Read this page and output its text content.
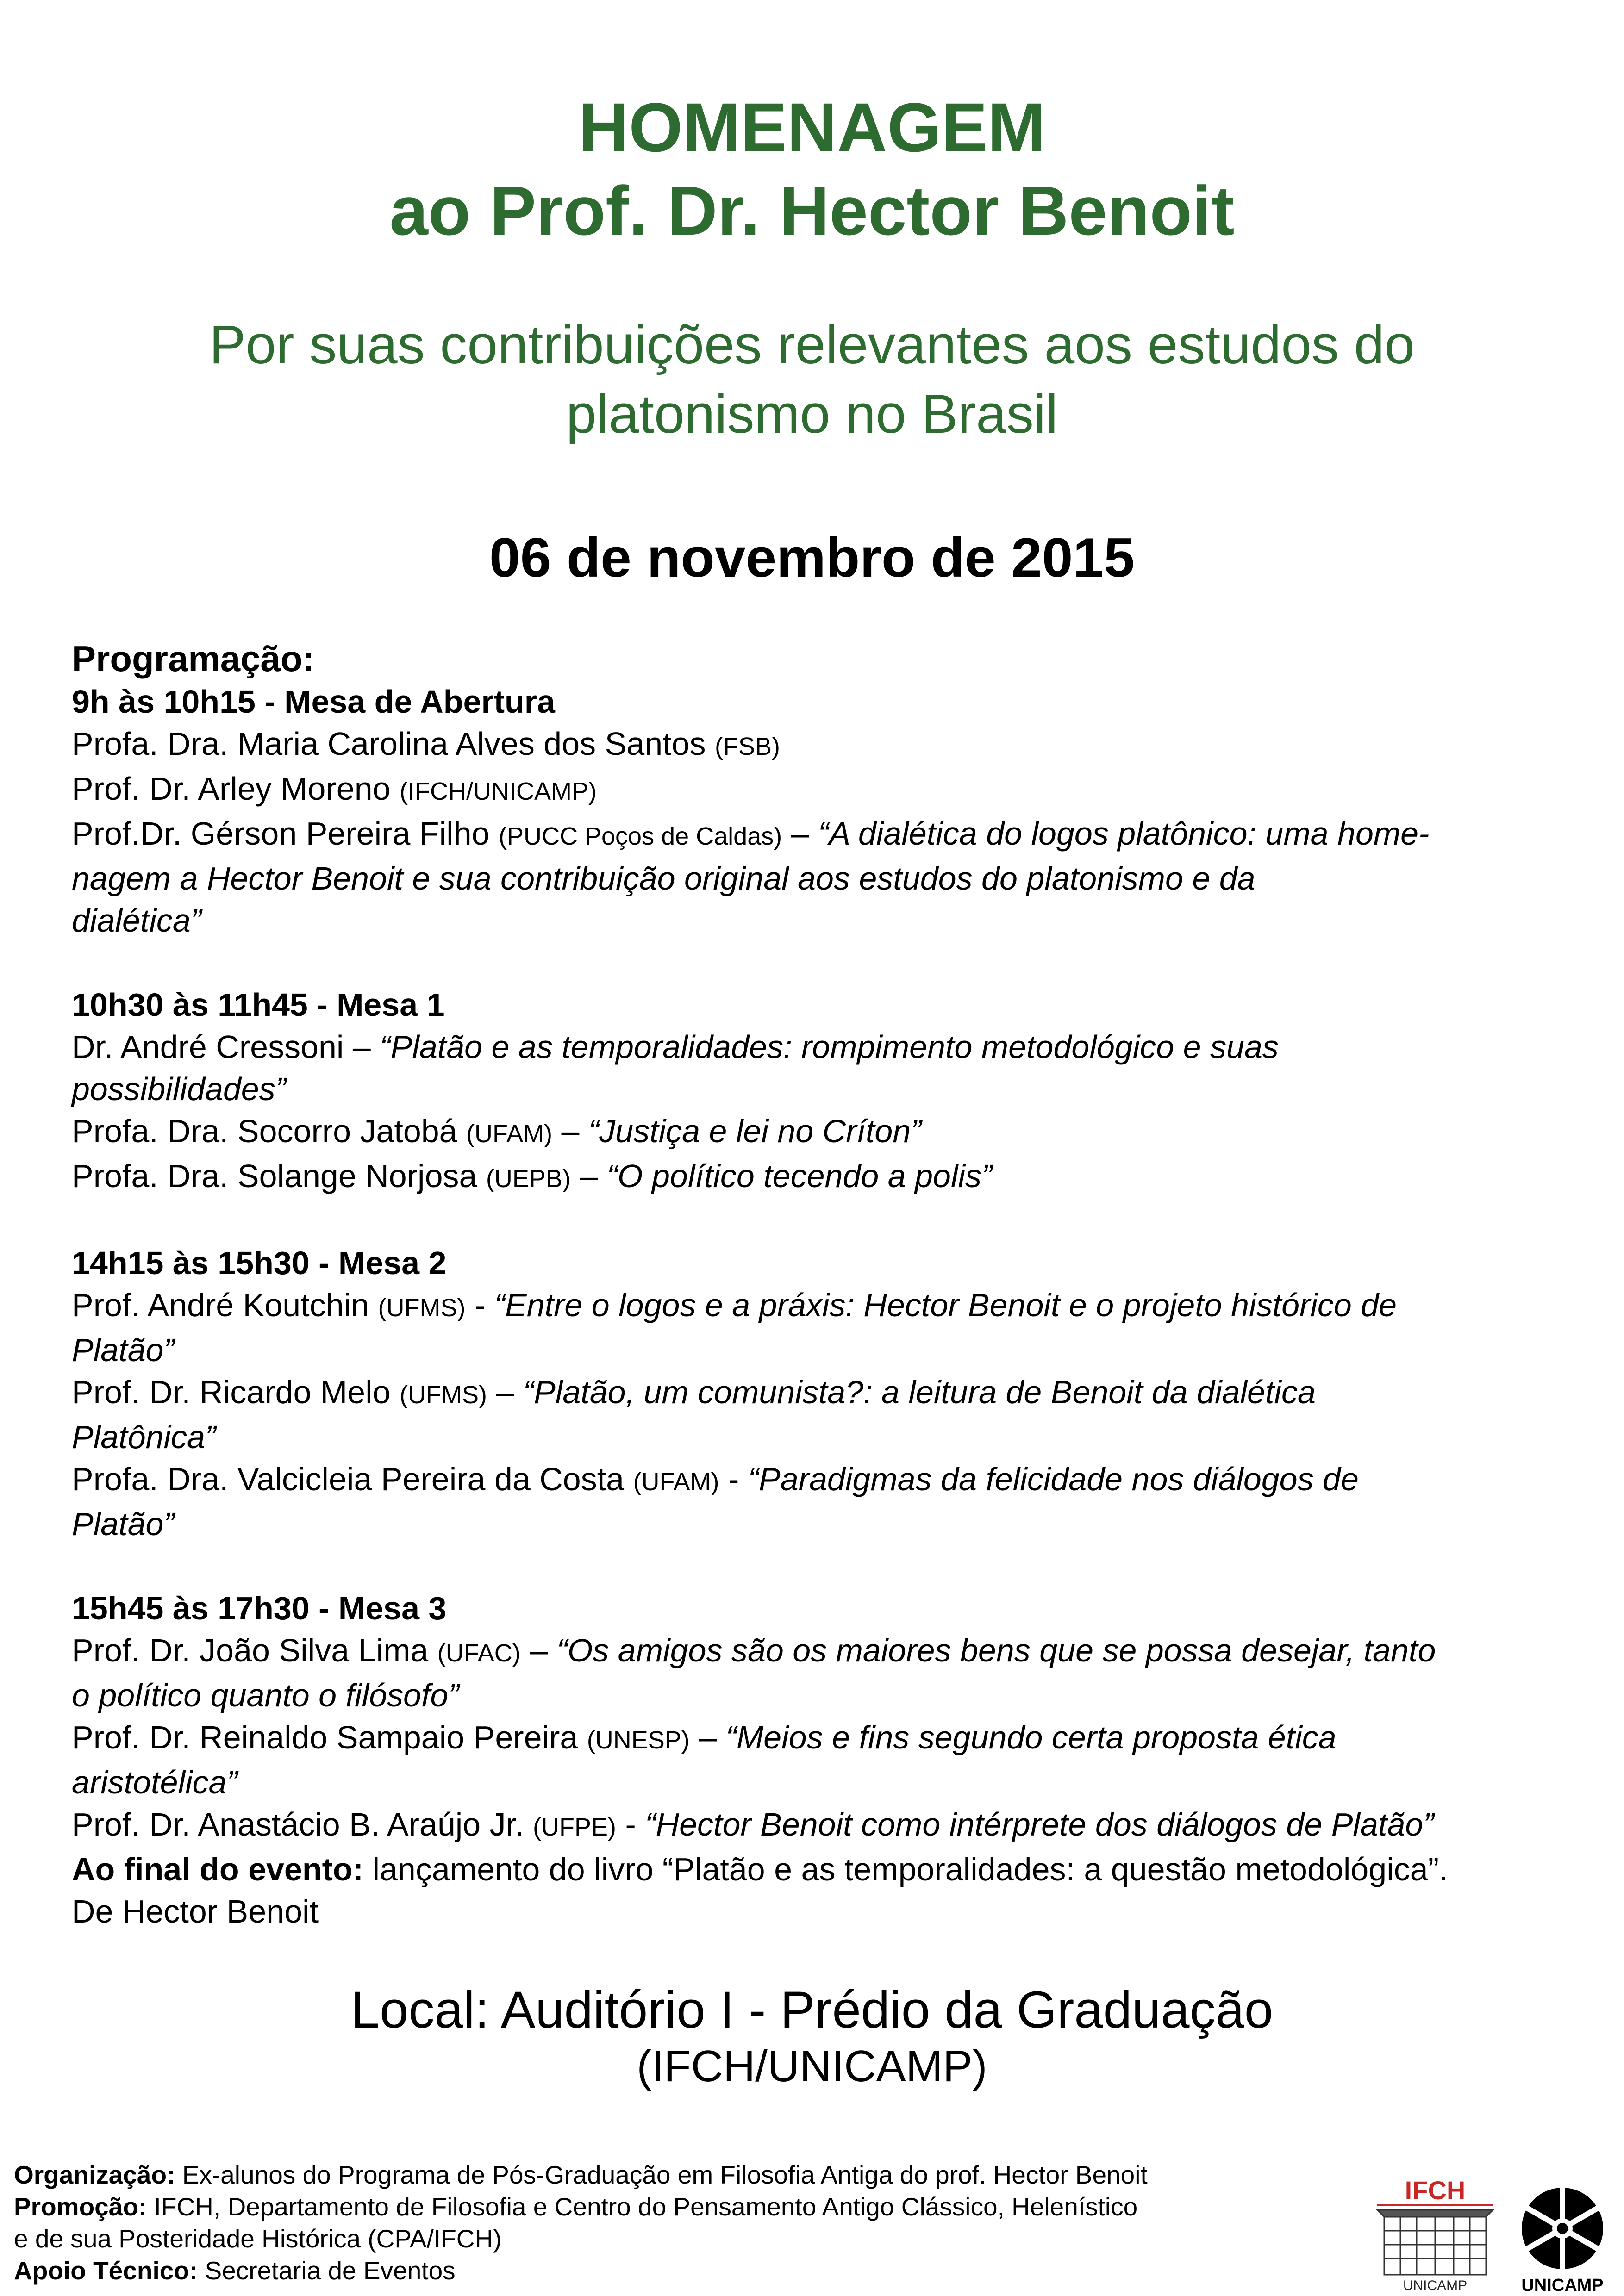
HOMENAGEM
ao Prof. Dr. Hector Benoit
Por suas contribuições relevantes aos estudos do
platonismo no Brasil
06 de novembro de 2015
Programação:
9h às 10h15 - Mesa de Abertura
Profa. Dra. Maria Carolina Alves dos Santos (FSB)
Prof. Dr. Arley Moreno (IFCH/UNICAMP)
Prof.Dr. Gérson Pereira Filho (PUCC Poços de Caldas) – “A dialética do logos platônico: uma home-
nagem a Hector Benoit e sua contribuição original aos estudos do platonismo e da
dialética”
10h30 às 11h45 - Mesa 1
Dr. André Cressoni – “Platão e as temporalidades: rompimento metodológico e suas
possibilidades”
Profa. Dra. Socorro Jatobá (UFAM) – “Justiça e lei no Críton”
Profa. Dra. Solange Norjosa (UEPB) – “O político tecendo a polis”
14h15 às 15h30 - Mesa 2
Prof. André Koutchin (UFMS) - “Entre o logos e a práxis: Hector Benoit e o projeto histórico de
Platão”
Prof. Dr. Ricardo Melo (UFMS) – “Platão, um comunista?: a leitura de Benoit da dialética
Platônica”
Profa. Dra. Valcicleia Pereira da Costa (UFAM) - “Paradigmas da felicidade nos diálogos de
Platão”
15h45 às 17h30 - Mesa 3
Prof. Dr. João Silva Lima (UFAC) – “Os amigos são os maiores bens que se possa desejar, tanto
o político quanto o filósofo”
Prof. Dr. Reinaldo Sampaio Pereira (UNESP) – “Meios e fins segundo certa proposta ética
aristotélica”
Prof. Dr. Anastácio B. Araújo Jr. (UFPE) - “Hector Benoit como intérprete dos diálogos de Platão”
Ao final do evento: lançamento do livro “Platão e as temporalidades: a questão metodológica”.
De Hector Benoit
Local: Auditório I - Prédio da Graduação
(IFCH/UNICAMP)
Organização: Ex-alunos do Programa de Pós-Graduação em Filosofia Antiga do prof. Hector Benoit
Promoção: IFCH, Departamento de Filosofia e Centro do Pensamento Antigo Clássico, Helenístico
e de sua Posteridade Histórica (CPA/IFCH)
Apoio Técnico: Secretaria de Eventos
IFCH
UNICAMP	UNICAMP
